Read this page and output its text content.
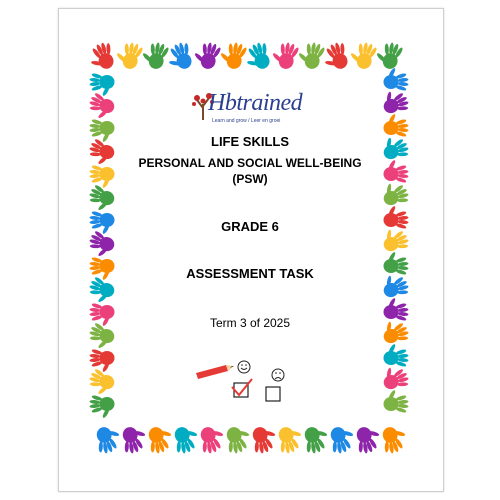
Hbtrained
Learn and grow / Leer en groei
LIFE SKILLS
PERSONAL AND SOCIAL WELL-BEING
(PSW)
GRADE 6
ASSESSMENT TASK
Term 3 of 2025
